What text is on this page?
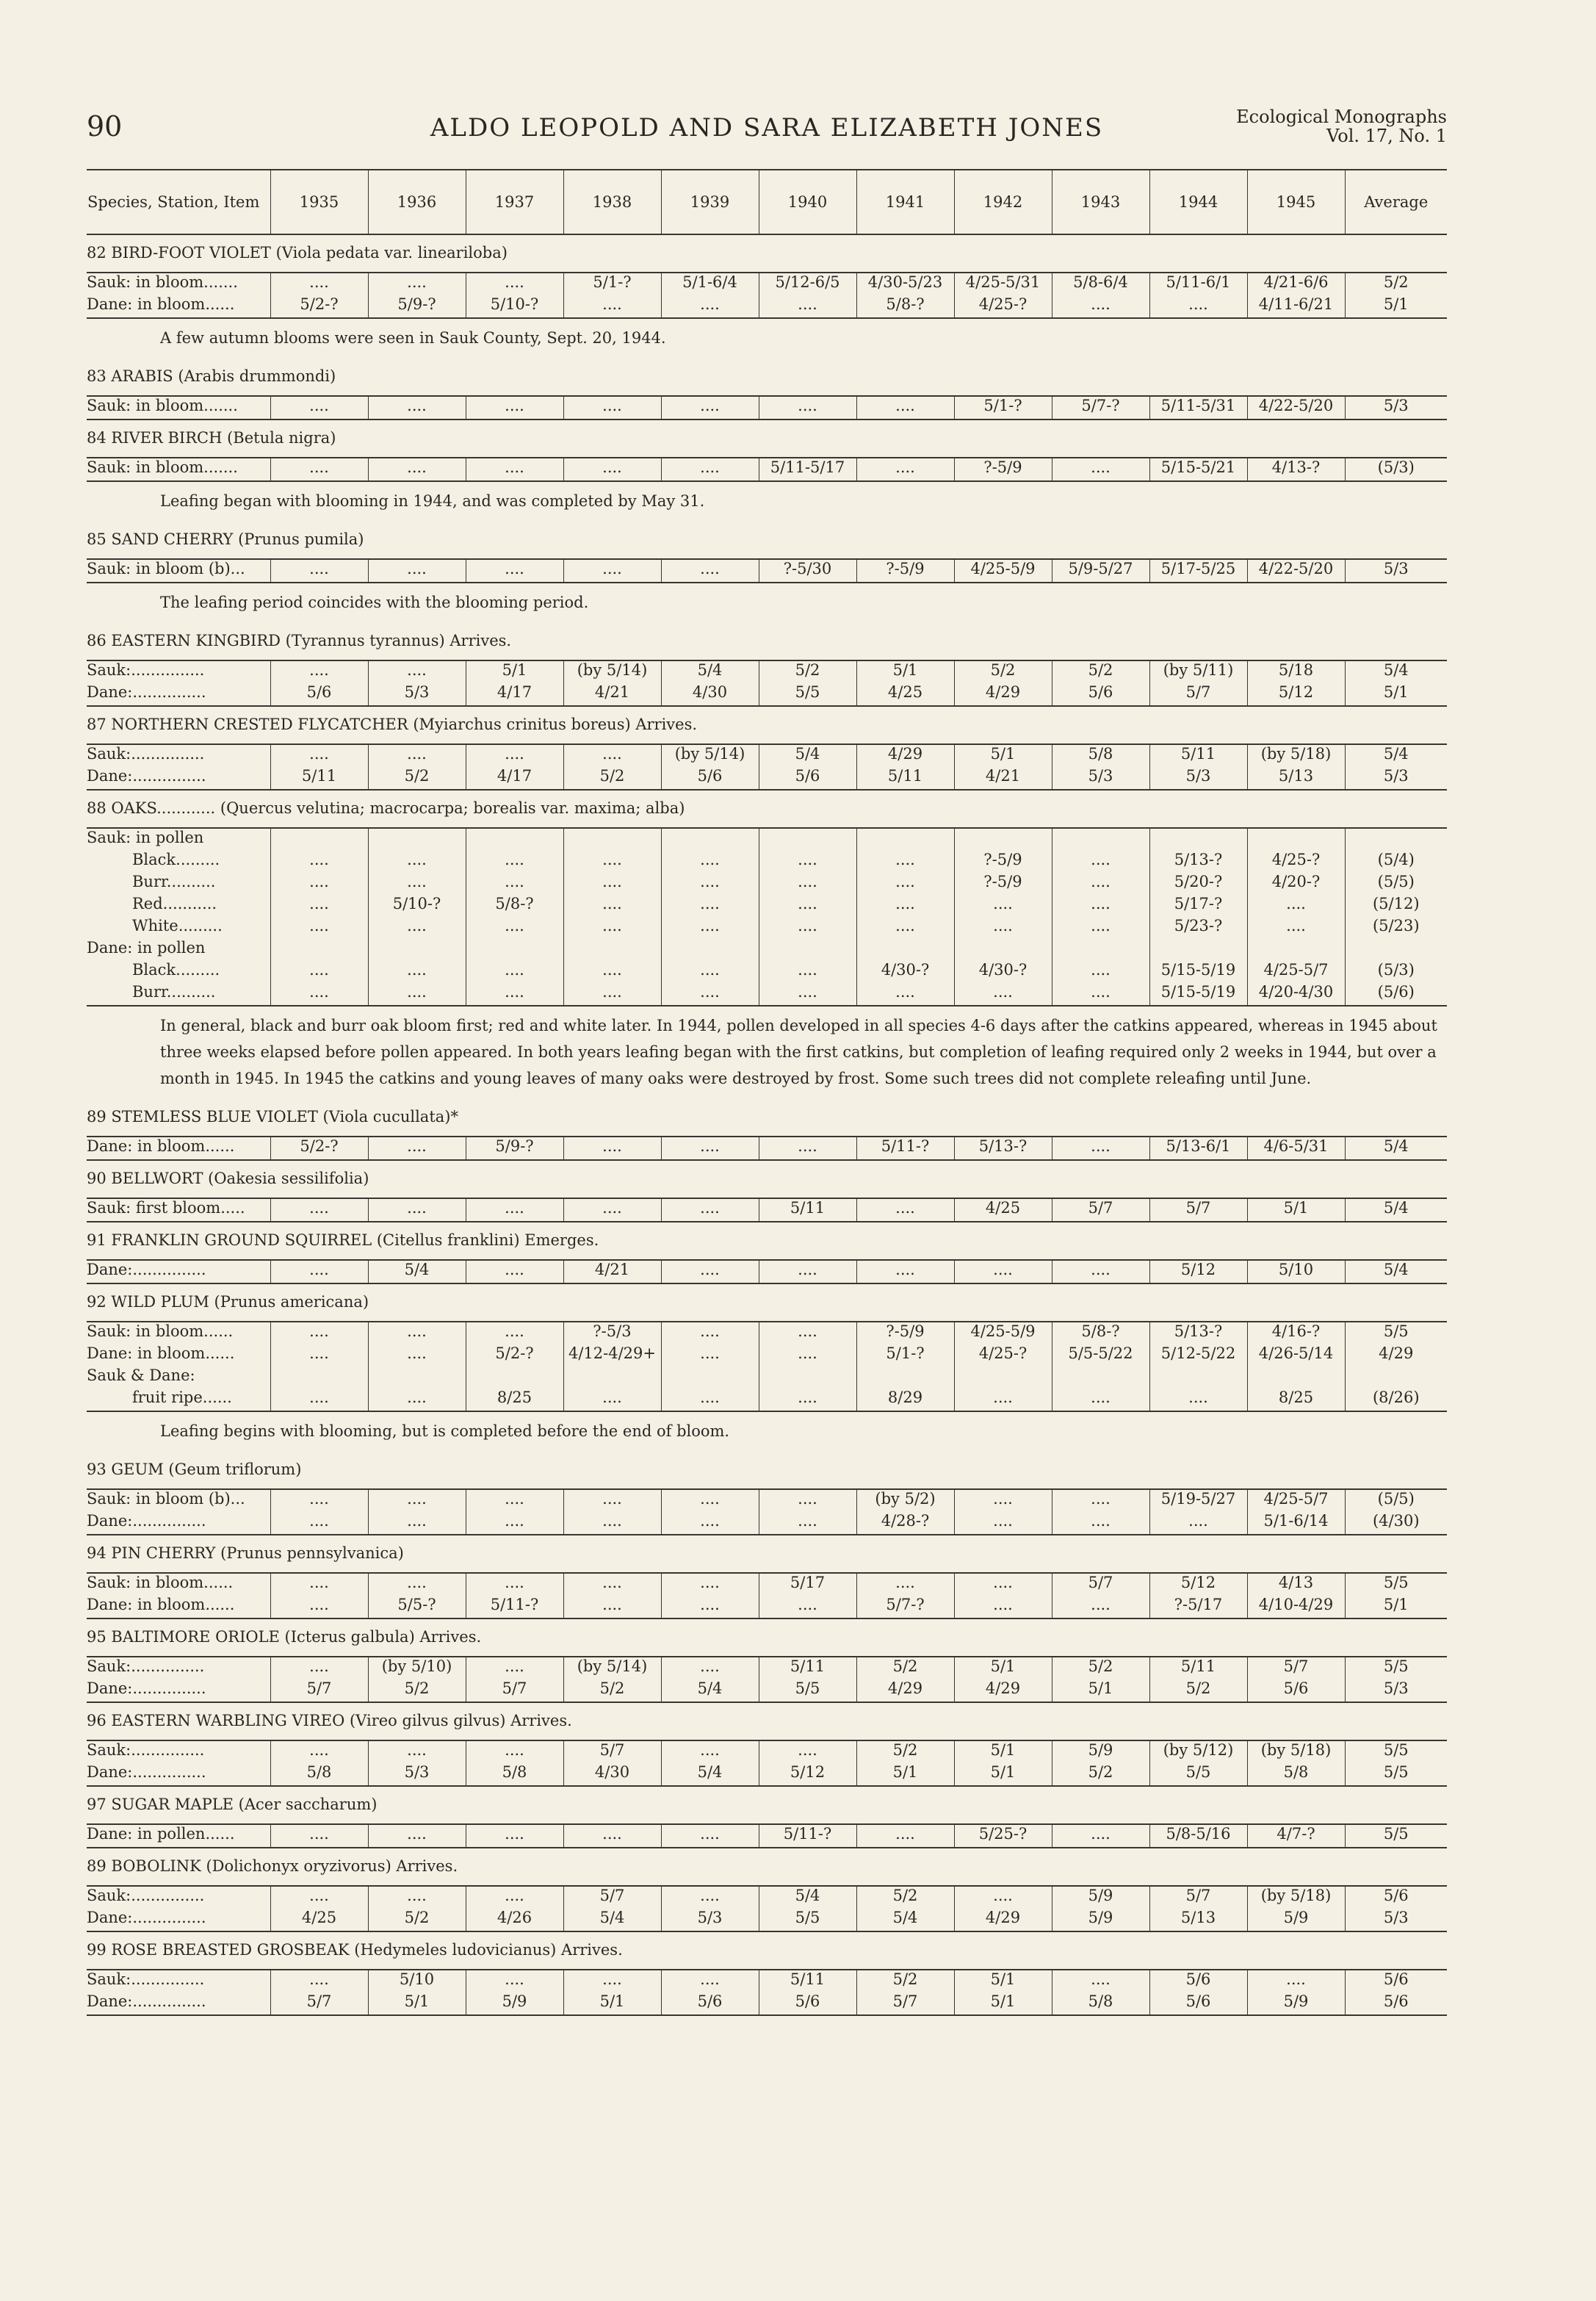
90	ALDO LEOPOLD AND SARA ELIZABETH JONES	Ecological Monographs
Vol. 17, No. 1
Species, Station, Item	1935	1936	1937	1938	1939	1940	1941	1942	1943	1944	1945	Average
82 BIRD-FOOT VIOLET (Viola pedata var. lineariloba)												
Sauk: in bloom.......	....	....	....	5/1-?	5/1-6/4	5/12-6/5	4/30-5/23	4/25-5/31	5/8-6/4	5/11-6/1	4/21-6/6	5/2
Dane: in bloom......	5/2-?	5/9-?	5/10-?	....	....	....	5/8-?	4/25-?	....	....	4/11-6/21	5/1
A few autumn blooms were seen in Sauk County, Sept. 20, 1944.												
83 ARABIS (Arabis drummondi)												
Sauk: in bloom.......	....	....	....	....	....	....	....	5/1-?	5/7-?	5/11-5/31	4/22-5/20	5/3
84 RIVER BIRCH (Betula nigra)												
Sauk: in bloom.......	....	....	....	....	....	5/11-5/17	....	?-5/9	....	5/15-5/21	4/13-?	(5/3)
Leafing began with blooming in 1944, and was completed by May 31.												
85 SAND CHERRY (Prunus pumila)												
Sauk: in bloom (b)...	....	....	....	....	....	?-5/30	?-5/9	4/25-5/9	5/9-5/27	5/17-5/25	4/22-5/20	5/3
The leafing period coincides with the blooming period.												
86 EASTERN KINGBIRD (Tyrannus tyrannus) Arrives.												
Sauk:...............	....	....	5/1	(by 5/14)	5/4	5/2	5/1	5/2	5/2	(by 5/11)	5/18	5/4
Dane:...............	5/6	5/3	4/17	4/21	4/30	5/5	4/25	4/29	5/6	5/7	5/12	5/1
87 NORTHERN CRESTED FLYCATCHER (Myiarchus crinitus boreus) Arrives.												
Sauk:...............	....	....	....	....	(by 5/14)	5/4	4/29	5/1	5/8	5/11	(by 5/18)	5/4
Dane:...............	5/11	5/2	4/17	5/2	5/6	5/6	5/11	4/21	5/3	5/3	5/13	5/3
88 OAKS............ (Quercus velutina; macrocarpa; borealis var. maxima; alba)												
Sauk: in pollen												
Black.........	....	....	....	....	....	....	....	?-5/9	....	5/13-?	4/25-?	(5/4)
Burr..........	....	....	....	....	....	....	....	?-5/9	....	5/20-?	4/20-?	(5/5)
Red...........	....	5/10-?	5/8-?	....	....	....	....	....	....	5/17-?	....	(5/12)
White.........	....	....	....	....	....	....	....	....	....	5/23-?	....	(5/23)
Dane: in pollen												
Black.........	....	....	....	....	....	....	4/30-?	4/30-?	....	5/15-5/19	4/25-5/7	(5/3)
Burr..........	....	....	....	....	....	....	....	....	....	5/15-5/19	4/20-4/30	(5/6)
In general, black and burr oak bloom first; red and white later. In 1944, pollen developed in all species 4-6 days after the catkins appeared, whereas in 1945 about three weeks elapsed before pollen appeared. In both years leafing began with the first catkins, but completion of leafing required only 2 weeks in 1944, but over a month in 1945. In 1945 the catkins and young leaves of many oaks were destroyed by frost. Some such trees did not complete releafing until June.												
89 STEMLESS BLUE VIOLET (Viola cucullata)*												
Dane: in bloom......	5/2-?	....	5/9-?	....	....	....	5/11-?	5/13-?	....	5/13-6/1	4/6-5/31	5/4
90 BELLWORT (Oakesia sessilifolia)												
Sauk: first bloom.....	....	....	....	....	....	5/11	....	4/25	5/7	5/7	5/1	5/4
91 FRANKLIN GROUND SQUIRREL (Citellus franklini) Emerges.												
Dane:...............	....	5/4	....	4/21	....	....	....	....	....	5/12	5/10	5/4
92 WILD PLUM (Prunus americana)												
Sauk: in bloom......	....	....	....	?-5/3	....	....	?-5/9	4/25-5/9	5/8-?	5/13-?	4/16-?	5/5
Dane: in bloom......	....	....	5/2-?	4/12-4/29+	....	....	5/1-?	4/25-?	5/5-5/22	5/12-5/22	4/26-5/14	4/29
Sauk & Dane:												
fruit ripe......	....	....	8/25	....	....	....	8/29	....	....	....	8/25	(8/26)
Leafing begins with blooming, but is completed before the end of bloom.												
93 GEUM (Geum triflorum)												
Sauk: in bloom (b)...	....	....	....	....	....	....	(by 5/2)	....	....	5/19-5/27	4/25-5/7	(5/5)
Dane:...............	....	....	....	....	....	....	4/28-?	....	....	....	5/1-6/14	(4/30)
94 PIN CHERRY (Prunus pennsylvanica)												
Sauk: in bloom......	....	....	....	....	....	5/17	....	....	5/7	5/12	4/13	5/5
Dane: in bloom......	....	5/5-?	5/11-?	....	....	....	5/7-?	....	....	?-5/17	4/10-4/29	5/1
95 BALTIMORE ORIOLE (Icterus galbula) Arrives.												
Sauk:...............	....	(by 5/10)	....	(by 5/14)	....	5/11	5/2	5/1	5/2	5/11	5/7	5/5
Dane:...............	5/7	5/2	5/7	5/2	5/4	5/5	4/29	4/29	5/1	5/2	5/6	5/3
96 EASTERN WARBLING VIREO (Vireo gilvus gilvus) Arrives.												
Sauk:...............	....	....	....	5/7	....	....	5/2	5/1	5/9	(by 5/12)	(by 5/18)	5/5
Dane:...............	5/8	5/3	5/8	4/30	5/4	5/12	5/1	5/1	5/2	5/5	5/8	5/5
97 SUGAR MAPLE (Acer saccharum)												
Dane: in pollen......	....	....	....	....	....	5/11-?	....	5/25-?	....	5/8-5/16	4/7-?	5/5
89 BOBOLINK (Dolichonyx oryzivorus) Arrives.												
Sauk:...............	....	....	....	5/7	....	5/4	5/2	....	5/9	5/7	(by 5/18)	5/6
Dane:...............	4/25	5/2	4/26	5/4	5/3	5/5	5/4	4/29	5/9	5/13	5/9	5/3
99 ROSE BREASTED GROSBEAK (Hedymeles ludovicianus) Arrives.												
Sauk:...............	....	5/10	....	....	....	5/11	5/2	5/1	....	5/6	....	5/6
Dane:...............	5/7	5/1	5/9	5/1	5/6	5/6	5/7	5/1	5/8	5/6	5/9	5/6
